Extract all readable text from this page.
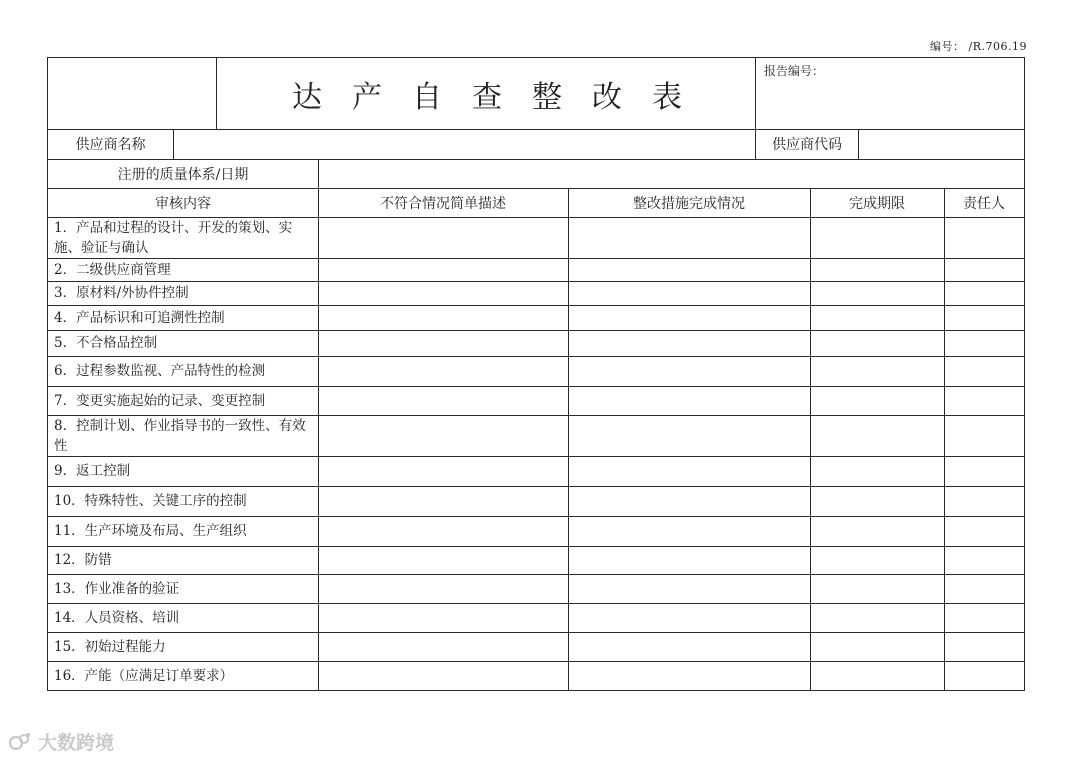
编号： /R.706.19
达产自查整改表
报告编号：
供应商名称	供应商代码
注册的质量体系/日期
审核内容	不符合情况简单描述	整改措施完成情况	完成期限	责任人
1．产品和过程的设计、开发的策划、实施、验证与确认
2．二级供应商管理
3．原材料/外协件控制
4．产品标识和可追溯性控制
5．不合格品控制
6．过程参数监视、产品特性的检测
7．变更实施起始的记录、变更控制
8．控制计划、作业指导书的一致性、有效性
9．返工控制
10．特殊特性、关键工序的控制
11．生产环境及布局、生产组织
12．防错
13．作业准备的验证
14．人员资格、培训
15．初始过程能力
16．产能（应满足订单要求）
大数跨境
